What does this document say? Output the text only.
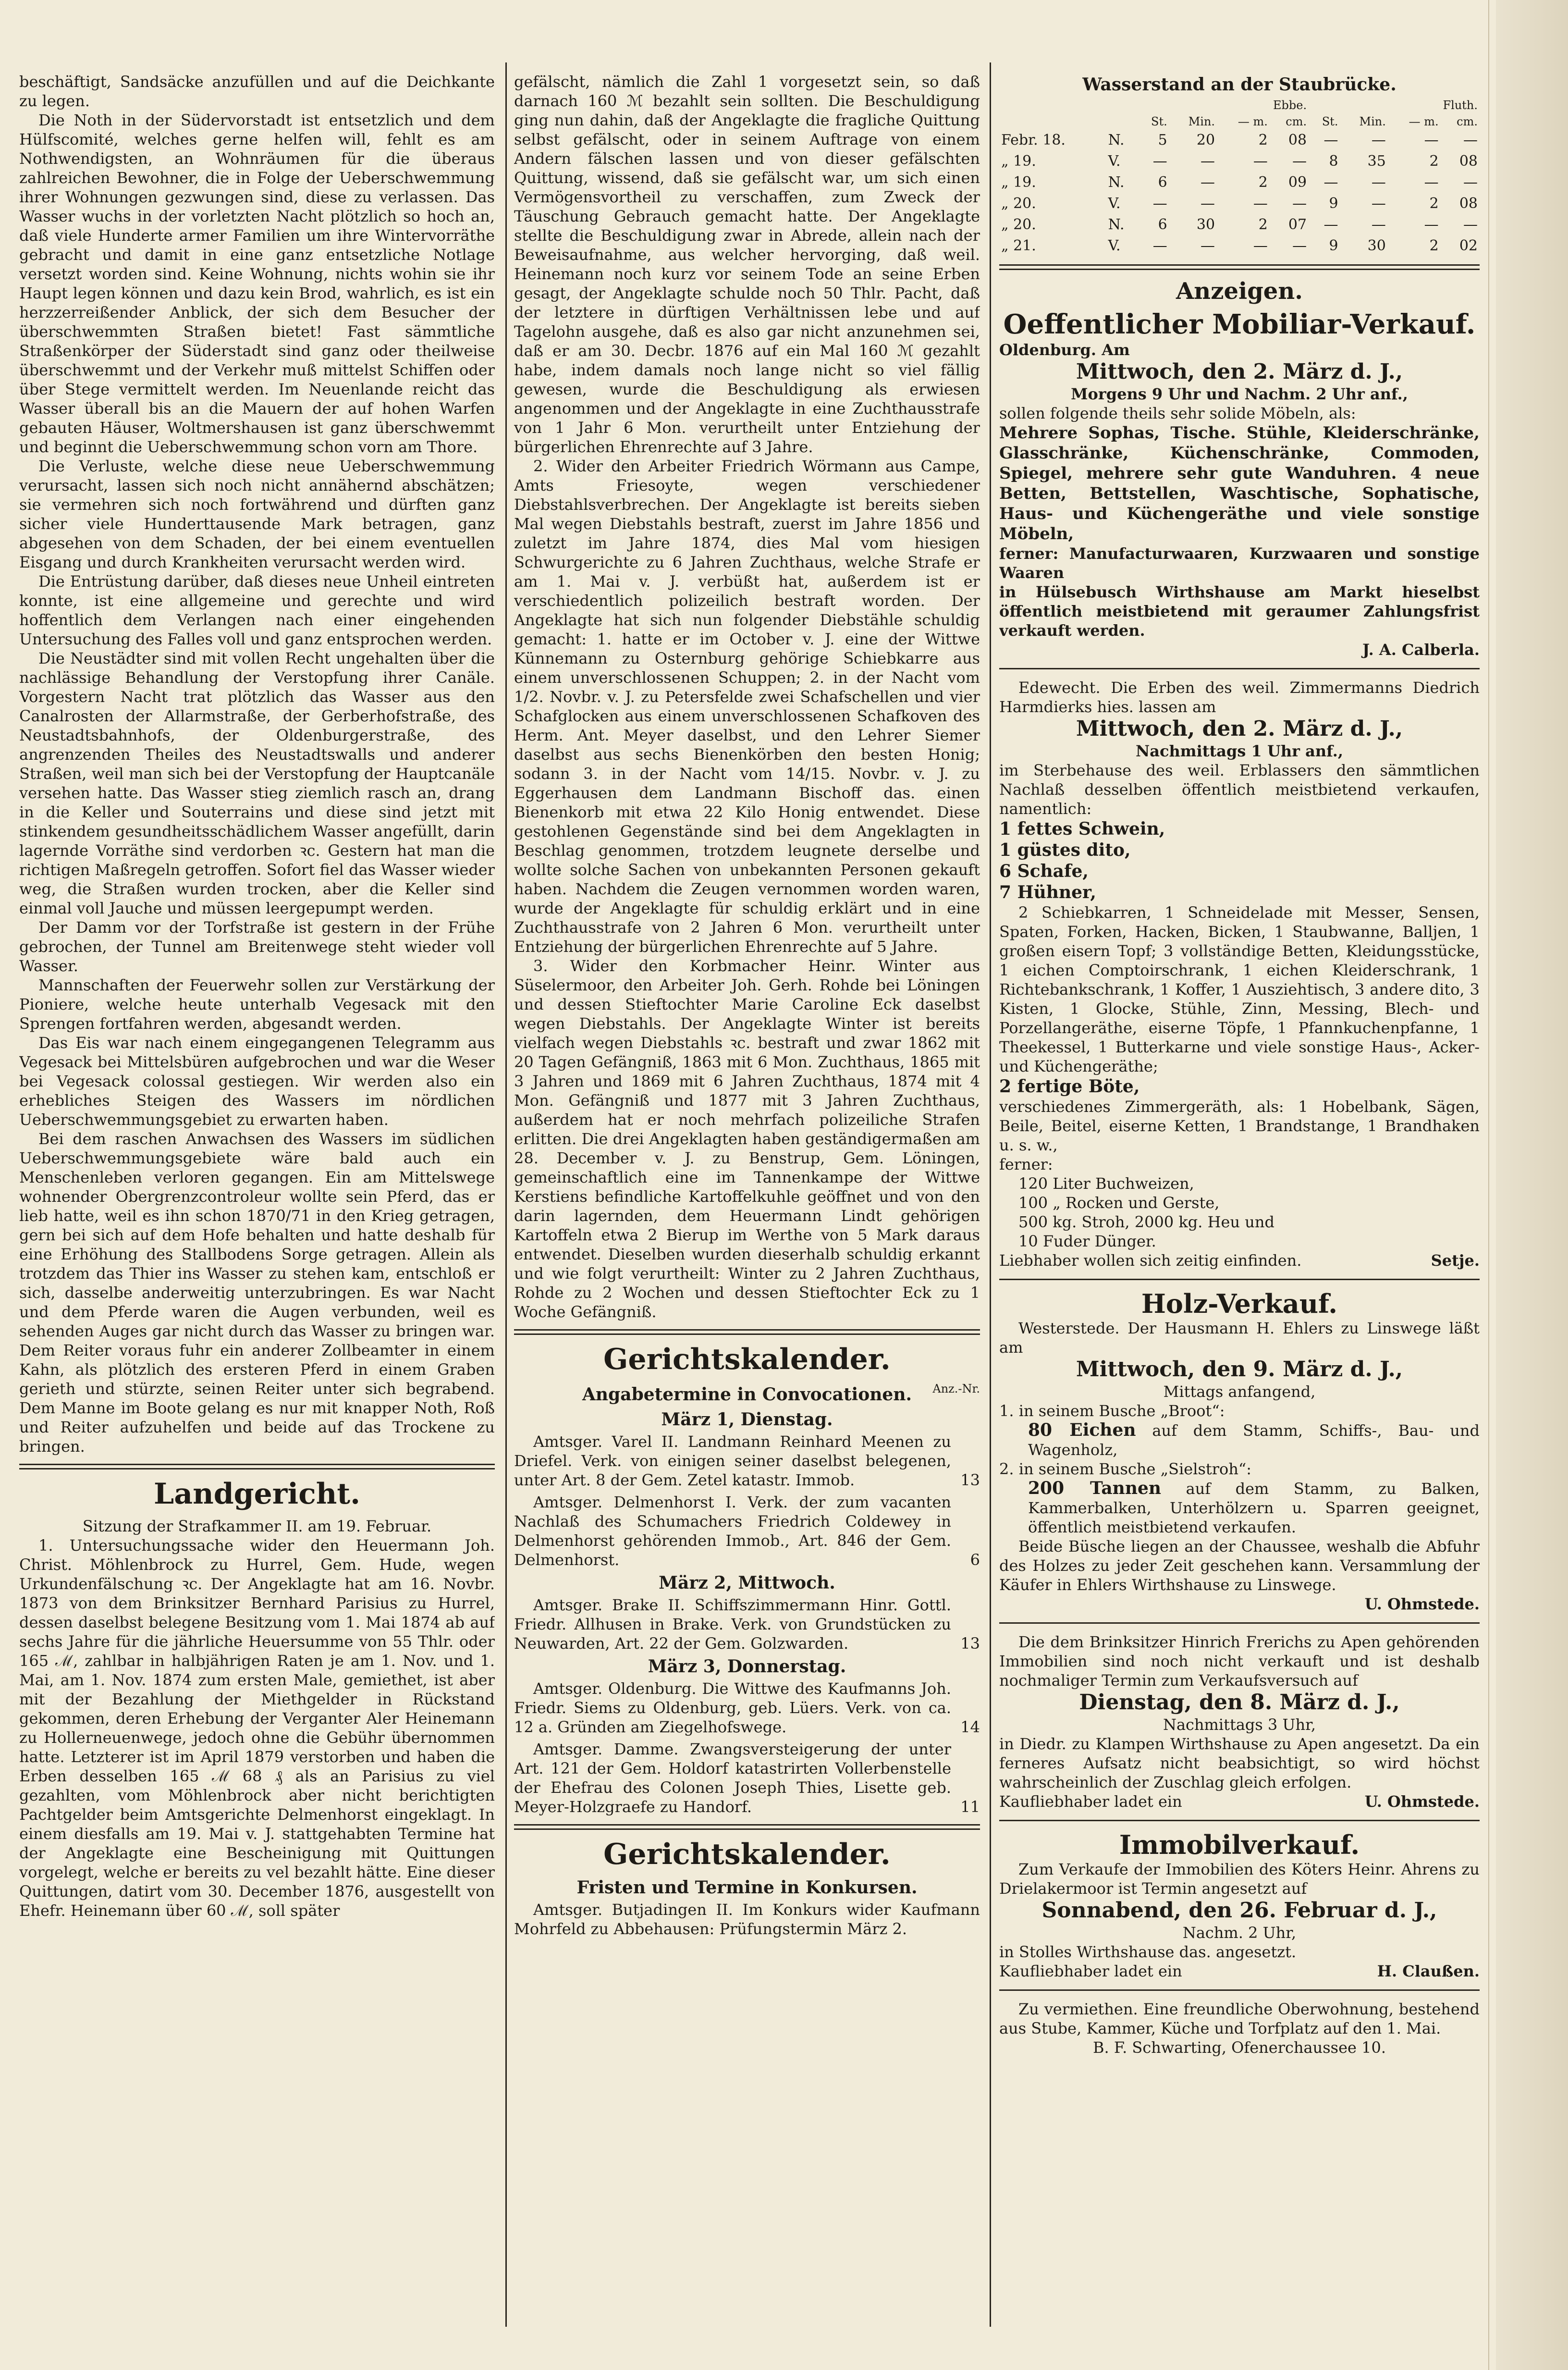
beschäftigt, Sandsäcke anzufüllen und auf die Deichkante zu legen.

Die Noth in der Südervorstadt ist entsetzlich und dem Hülfscomité, welches gerne helfen will, fehlt es am Nothwendigsten, an Wohnräumen für die überaus zahlreichen Bewohner, die in Folge der Ueberschwemmung ihrer Wohnungen gezwungen sind, diese zu verlassen. Das Wasser wuchs in der vorletzten Nacht plötzlich so hoch an, daß viele Hunderte armer Familien um ihre Wintervorräthe gebracht und damit in eine ganz entsetzliche Notlage versetzt worden sind. Keine Wohnung, nichts wohin sie ihr Haupt legen können und dazu kein Brod, wahrlich, es ist ein herzzerreißender Anblick, der sich dem Besucher der überschwemmten Straßen bietet! Fast sämmtliche Straßenkörper der Süderstadt sind ganz oder theilweise überschwemmt und der Verkehr muß mittelst Schiffen oder über Stege vermittelt werden. Im Neuenlande reicht das Wasser überall bis an die Mauern der auf hohen Warfen gebauten Häuser, Woltmershausen ist ganz überschwemmt und beginnt die Ueberschwemmung schon vorn am Thore.

Die Verluste, welche diese neue Ueberschwemmung verursacht, lassen sich noch nicht annähernd abschätzen; sie vermehren sich noch fortwährend und dürften ganz sicher viele Hunderttausende Mark betragen, ganz abgesehen von dem Schaden, der bei einem eventuellen Eisgang und durch Krankheiten verursacht werden wird.

Die Entrüstung darüber, daß dieses neue Unheil eintreten konnte, ist eine allgemeine und gerechte und wird hoffentlich dem Verlangen nach einer eingehenden Untersuchung des Falles voll und ganz entsprochen werden.

Die Neustädter sind mit vollen Recht ungehalten über die nachlässige Behandlung der Verstopfung ihrer Canäle. Vorgestern Nacht trat plötzlich das Wasser aus den Canalrosten der Allarmstraße, der Gerberhofstraße, des Neustadtsbahnhofs, der Oldenburgerstraße, des angrenzenden Theiles des Neustadtswalls und anderer Straßen, weil man sich bei der Verstopfung der Hauptcanäle versehen hatte. Das Wasser stieg ziemlich rasch an, drang in die Keller und Souterrains und diese sind jetzt mit stinkendem gesundheitsschädlichem Wasser angefüllt, darin lagernde Vorräthe sind verdorben ꝛc. Gestern hat man die richtigen Maßregeln getroffen. Sofort fiel das Wasser wieder weg, die Straßen wurden trocken, aber die Keller sind einmal voll Jauche und müssen leergepumpt werden.

Der Damm vor der Torfstraße ist gestern in der Frühe gebrochen, der Tunnel am Breitenwege steht wieder voll Wasser.

Mannschaften der Feuerwehr sollen zur Verstärkung der Pioniere, welche heute unterhalb Vegesack mit den Sprengen fortfahren werden, abgesandt werden.

Das Eis war nach einem eingegangenen Telegramm aus Vegesack bei Mittelsbüren aufgebrochen und war die Weser bei Vegesack colossal gestiegen. Wir werden also ein erhebliches Steigen des Wassers im nördlichen Ueberschwemmungsgebiet zu erwarten haben.

Bei dem raschen Anwachsen des Wassers im südlichen Ueberschwemmungsgebiete wäre bald auch ein Menschenleben verloren gegangen. Ein am Mittelswege wohnender Obergrenzcontroleur wollte sein Pferd, das er lieb hatte, weil es ihn schon 1870/71 in den Krieg getragen, gern bei sich auf dem Hofe behalten und hatte deshalb für eine Erhöhung des Stallbodens Sorge getragen. Allein als trotzdem das Thier ins Wasser zu stehen kam, entschloß er sich, dasselbe anderweitig unterzubringen. Es war Nacht und dem Pferde waren die Augen verbunden, weil es sehenden Auges gar nicht durch das Wasser zu bringen war. Dem Reiter voraus fuhr ein anderer Zollbeamter in einem Kahn, als plötzlich des ersteren Pferd in einem Graben gerieth und stürzte, seinen Reiter unter sich begrabend. Dem Manne im Boote gelang es nur mit knapper Noth, Roß und Reiter aufzuhelfen und beide auf das Trockene zu bringen.

Landgericht.

Sitzung der Strafkammer II. am 19. Februar.

1. Untersuchungssache wider den Heuermann Joh. Christ. Möhlenbrock zu Hurrel, Gem. Hude, wegen Urkundenfälschung ꝛc. Der Angeklagte hat am 16. Novbr. 1873 von dem Brinksitzer Bernhard Parisius zu Hurrel, dessen daselbst belegene Besitzung vom 1. Mai 1874 ab auf sechs Jahre für die jährliche Heuersumme von 55 Thlr. oder 165 ℳ, zahlbar in halbjährigen Raten je am 1. Nov. und 1. Mai, am 1. Nov. 1874 zum ersten Male, gemiethet, ist aber mit der Bezahlung der Miethgelder in Rückstand gekommen, deren Erhebung der Verganter Aler Heinemann zu Hollerneuenwege, jedoch ohne die Gebühr übernommen hatte. Letzterer ist im April 1879 verstorben und haben die Erben desselben 165 ℳ 68 ₰ als an Parisius zu viel gezahlten, vom Möhlenbrock aber nicht berichtigten Pachtgelder beim Amtsgerichte Delmenhorst eingeklagt. In einem diesfalls am 19. Mai v. J. stattgehabten Termine hat der Angeklagte eine Bescheinigung mit Quittungen vorgelegt, welche er bereits zu vel bezahlt hätte. Eine dieser Quittungen, datirt vom 30. December 1876, ausgestellt von Ehefr. Heinemann über 60 ℳ, soll später

gefälscht, nämlich die Zahl 1 vorgesetzt sein, so daß darnach 160 ℳ bezahlt sein sollten. Die Beschuldigung ging nun dahin, daß der Angeklagte die fragliche Quittung selbst gefälscht, oder in seinem Auftrage von einem Andern fälschen lassen und von dieser gefälschten Quittung, wissend, daß sie gefälscht war, um sich einen Vermögensvortheil zu verschaffen, zum Zweck der Täuschung Gebrauch gemacht hatte. Der Angeklagte stellte die Beschuldigung zwar in Abrede, allein nach der Beweisaufnahme, aus welcher hervorging, daß weil. Heinemann noch kurz vor seinem Tode an seine Erben gesagt, der Angeklagte schulde noch 50 Thlr. Pacht, daß der letztere in dürftigen Verhältnissen lebe und auf Tagelohn ausgehe, daß es also gar nicht anzunehmen sei, daß er am 30. Decbr. 1876 auf ein Mal 160 ℳ gezahlt habe, indem damals noch lange nicht so viel fällig gewesen, wurde die Beschuldigung als erwiesen angenommen und der Angeklagte in eine Zuchthausstrafe von 1 Jahr 6 Mon. verurtheilt unter Entziehung der bürgerlichen Ehrenrechte auf 3 Jahre.

2. Wider den Arbeiter Friedrich Wörmann aus Campe, Amts Friesoyte, wegen verschiedener Diebstahlsverbrechen. Der Angeklagte ist bereits sieben Mal wegen Diebstahls bestraft, zuerst im Jahre 1856 und zuletzt im Jahre 1874, dies Mal vom hiesigen Schwurgerichte zu 6 Jahren Zuchthaus, welche Strafe er am 1. Mai v. J. verbüßt hat, außerdem ist er verschiedentlich polizeilich bestraft worden. Der Angeklagte hat sich nun folgender Diebstähle schuldig gemacht: 1. hatte er im October v. J. eine der Wittwe Künnemann zu Osternburg gehörige Schiebkarre aus einem unverschlossenen Schuppen; 2. in der Nacht vom 1/2. Novbr. v. J. zu Petersfelde zwei Schafschellen und vier Schafglocken aus einem unverschlossenen Schafkoven des Herm. Ant. Meyer daselbst, und den Lehrer Siemer daselbst aus sechs Bienenkörben den besten Honig; sodann 3. in der Nacht vom 14/15. Novbr. v. J. zu Eggerhausen dem Landmann Bischoff das. einen Bienenkorb mit etwa 22 Kilo Honig entwendet. Diese gestohlenen Gegenstände sind bei dem Angeklagten in Beschlag genommen, trotzdem leugnete derselbe und wollte solche Sachen von unbekannten Personen gekauft haben. Nachdem die Zeugen vernommen worden waren, wurde der Angeklagte für schuldig erklärt und in eine Zuchthausstrafe von 2 Jahren 6 Mon. verurtheilt unter Entziehung der bürgerlichen Ehrenrechte auf 5 Jahre.

3. Wider den Korbmacher Heinr. Winter aus Süselermoor, den Arbeiter Joh. Gerh. Rohde bei Löningen und dessen Stieftochter Marie Caroline Eck daselbst wegen Diebstahls. Der Angeklagte Winter ist bereits vielfach wegen Diebstahls ꝛc. bestraft und zwar 1862 mit 20 Tagen Gefängniß, 1863 mit 6 Mon. Zuchthaus, 1865 mit 3 Jahren und 1869 mit 6 Jahren Zuchthaus, 1874 mit 4 Mon. Gefängniß und 1877 mit 3 Jahren Zuchthaus, außerdem hat er noch mehrfach polizeiliche Strafen erlitten. Die drei Angeklagten haben geständigermaßen am 28. December v. J. zu Benstrup, Gem. Löningen, gemeinschaftlich eine im Tannenkampe der Wittwe Kerstiens befindliche Kartoffelkuhle geöffnet und von den darin lagernden, dem Heuermann Lindt gehörigen Kartoffeln etwa 2 Bierup im Werthe von 5 Mark daraus entwendet. Dieselben wurden dieserhalb schuldig erkannt und wie folgt verurtheilt: Winter zu 2 Jahren Zuchthaus, Rohde zu 2 Wochen und dessen Stieftochter Eck zu 1 Woche Gefängniß.

Gerichtskalender.
Angabetermine in Convocationen. Anz.-Nr.
März 1, Dienstag.

Amtsger. Varel II. Landmann Reinhard Meenen zu Driefel. Verk. von einigen seiner daselbst belegenen, unter Art. 8 der Gem. Zetel katastr. Immob.	13

Amtsger. Delmenhorst I. Verk. der zum vacanten Nachlaß des Schumachers Friedrich Coldewey in Delmenhorst gehörenden Immob., Art. 846 der Gem. Delmenhorst.	6
März 2, Mittwoch.

Amtsger. Brake II. Schiffszimmermann Hinr. Gottl. Friedr. Allhusen in Brake. Verk. von Grundstücken zu Neuwarden, Art. 22 der Gem. Golzwarden.	13
März 3, Donnerstag.

Amtsger. Oldenburg. Die Wittwe des Kaufmanns Joh. Friedr. Siems zu Oldenburg, geb. Lüers. Verk. von ca. 12 a. Gründen am Ziegelhofswege.	14

Amtsger. Damme. Zwangsversteigerung der unter Art. 121 der Gem. Holdorf katastrirten Vollerbenstelle der Ehefrau des Colonen Joseph Thies, Lisette geb. Meyer-Holzgraefe zu Handorf.	11
Gerichtskalender.
Fristen und Termine in Konkursen.

Amtsger. Butjadingen II. Im Konkurs wider Kaufmann Mohrfeld zu Abbehausen: Prüfungstermin März 2.

Wasserstand an der Staubrücke.
		Ebbe.				Fluth.			
		St.	Min.	— m.	cm.	St.	Min.	— m.	cm.
Febr. 18.	N.	5	20	2	08	—	—	—	—
„ 19.	V.	—	—	—	—	8	35	2	08
„ 19.	N.	6	—	2	09	—	—	—	—
„ 20.	V.	—	—	—	—	9	—	2	08
„ 20.	N.	6	30	2	07	—	—	—	—
„ 21.	V.	—	—	—	—	9	30	2	02
Anzeigen.
Oeffentlicher Mobiliar-Verkauf.

Oldenburg. Am

Mittwoch, den 2. März d. J.,

Morgens 9 Uhr und Nachm. 2 Uhr anf.,

sollen folgende theils sehr solide Möbeln, als:

Mehrere Sophas, Tische. Stühle, Kleiderschränke, Glasschränke, Küchenschränke, Commoden, Spiegel, mehrere sehr gute Wanduhren. 4 neue Betten, Bettstellen, Waschtische, Sophatische, Haus- und Küchengeräthe und viele sonstige Möbeln,

ferner: Manufacturwaaren, Kurzwaaren und sonstige Waaren

in Hülsebusch Wirthshause am Markt hieselbst öffentlich meistbietend mit geraumer Zahlungsfrist verkauft werden.

J. A. Calberla.

Edewecht. Die Erben des weil. Zimmermanns Diedrich Harmdierks hies. lassen am

Mittwoch, den 2. März d. J.,

Nachmittags 1 Uhr anf.,

im Sterbehause des weil. Erblassers den sämmtlichen Nachlaß desselben öffentlich meistbietend verkaufen, namentlich:

1 fettes Schwein,
1 güstes dito,
6 Schafe,
7 Hühner,

2 Schiebkarren, 1 Schneidelade mit Messer, Sensen, Spaten, Forken, Hacken, Bicken, 1 Staubwanne, Balljen, 1 großen eisern Topf; 3 vollständige Betten, Kleidungsstücke, 1 eichen Comptoirschrank, 1 eichen Kleiderschrank, 1 Richtebankschrank, 1 Koffer, 1 Ausziehtisch, 3 andere dito, 3 Kisten, 1 Glocke, Stühle, Zinn, Messing, Blech- und Porzellangeräthe, eiserne Töpfe, 1 Pfannkuchenpfanne, 1 Theekessel, 1 Butterkarne und viele sonstige Haus-, Acker- und Küchengeräthe;

2 fertige Böte,

verschiedenes Zimmergeräth, als: 1 Hobelbank, Sägen, Beile, Beitel, eiserne Ketten, 1 Brandstange, 1 Brandhaken u. s. w.,

ferner:

120 Liter Buchweizen,

100 „ Rocken und Gerste,

500 kg. Stroh, 2000 kg. Heu und

10 Fuder Dünger.

Liebhaber wollen sich zeitig einfinden.	Setje.

Holz-Verkauf.

Westerstede. Der Hausmann H. Ehlers zu Linswege läßt am

Mittwoch, den 9. März d. J.,

Mittags anfangend,

1. in seinem Busche „Broot“:

80 Eichen auf dem Stamm, Schiffs-, Bau- und Wagenholz,

2. in seinem Busche „Sielstroh“:

200 Tannen auf dem Stamm, zu Balken, Kammerbalken, Unterhölzern u. Sparren geeignet, öffentlich meistbietend verkaufen.

Beide Büsche liegen an der Chaussee, weshalb die Abfuhr des Holzes zu jeder Zeit geschehen kann. Versammlung der Käufer in Ehlers Wirthshause zu Linswege.

U. Ohmstede.

Die dem Brinksitzer Hinrich Frerichs zu Apen gehörenden Immobilien sind noch nicht verkauft und ist deshalb nochmaliger Termin zum Verkaufsversuch auf

Dienstag, den 8. März d. J.,

Nachmittags 3 Uhr,

in Diedr. zu Klampen Wirthshause zu Apen angesetzt. Da ein ferneres Aufsatz nicht beabsichtigt, so wird höchst wahrscheinlich der Zuschlag gleich erfolgen.

Kaufliebhaber ladet ein	U. Ohmstede.

Immobilverkauf.

Zum Verkaufe der Immobilien des Köters Heinr. Ahrens zu Drielakermoor ist Termin angesetzt auf

Sonnabend, den 26. Februar d. J.,

Nachm. 2 Uhr,

in Stolles Wirthshause das. angesetzt.

Kaufliebhaber ladet ein	H. Claußen.

Zu vermiethen. Eine freundliche Oberwohnung, bestehend aus Stube, Kammer, Küche und Torfplatz auf den 1. Mai.

B. F. Schwarting, Ofenerchaussee 10.
